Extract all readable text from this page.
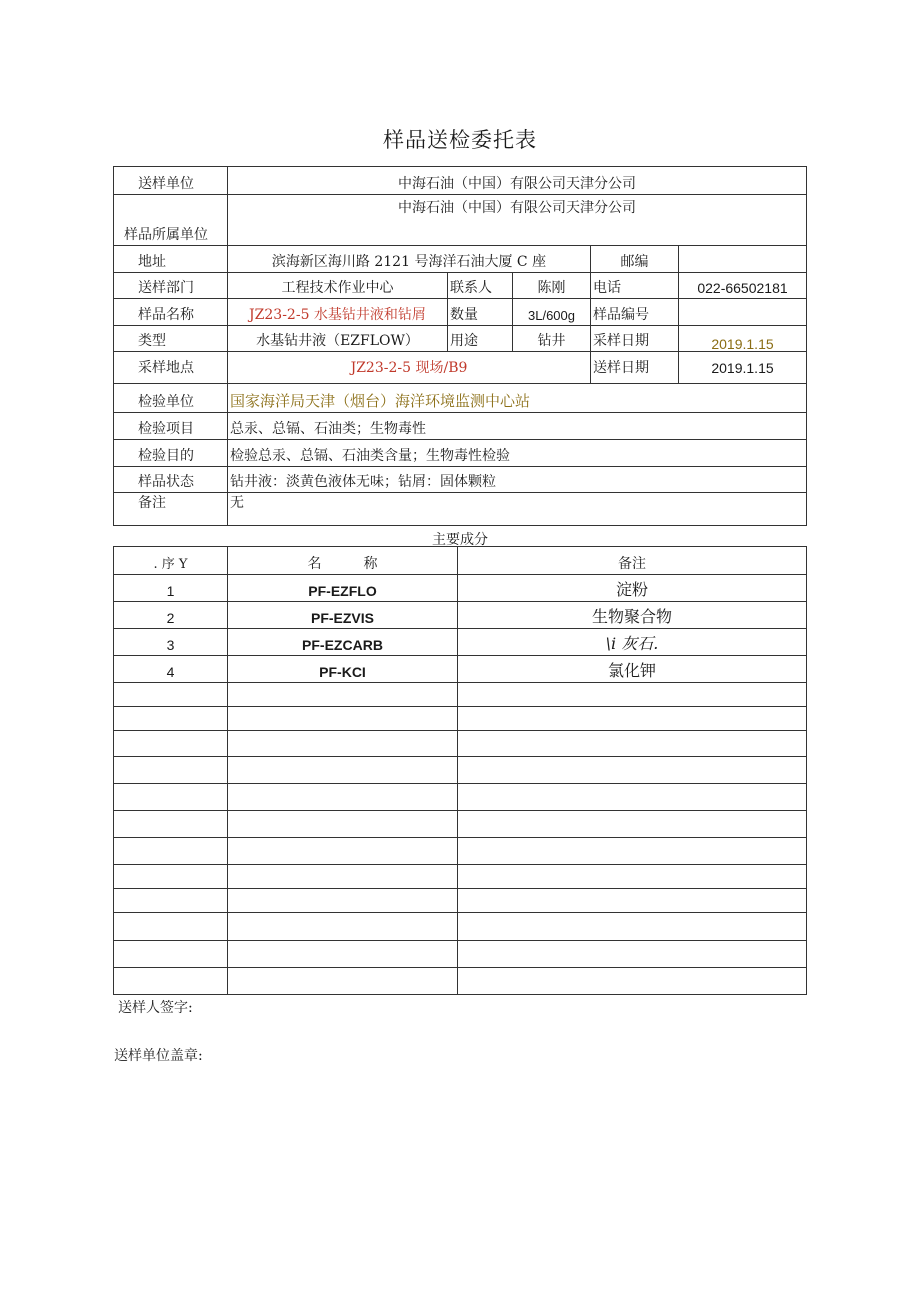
样品送检委托表
送样单位	中海石油（中国）有限公司天津分公司				
样品所属单位	中海石油（中国）有限公司天津分公司				
地址	滨海新区海川路 2121 号海洋石油大厦 C 座			邮编	
送样部门	工程技术作业中心	联系人	陈刚	电话	022-66502181
样品名称	JZ23-2-5 水基钻井液和钻屑	数量	3L/600g	样品编号	
类型	水基钻井液（EZFLOW）	用途	钻井	采样日期	2019.1.15
采样地点	JZ23-2-5 现场/B9			送样日期	2019.1.15
检验单位	国家海洋局天津（烟台）海洋环境监测中心站				
检验项目	总汞、总镉、石油类；生物毒性				
检验目的	检验总汞、总镉、石油类含量；生物毒性检验				
样品状态	钻井液：淡黄色液体无味；钻屑：固体颗粒				
备注	无				
主要成分
. 序 Y	名　　　称	备注
1	PF-EZFLO	淀粉
2	PF-EZVIS	生物聚合物
3	PF-EZCARB	\i 灰石.
4	PF-KCI	氯化钾

送样人签字:
送样单位盖章:
